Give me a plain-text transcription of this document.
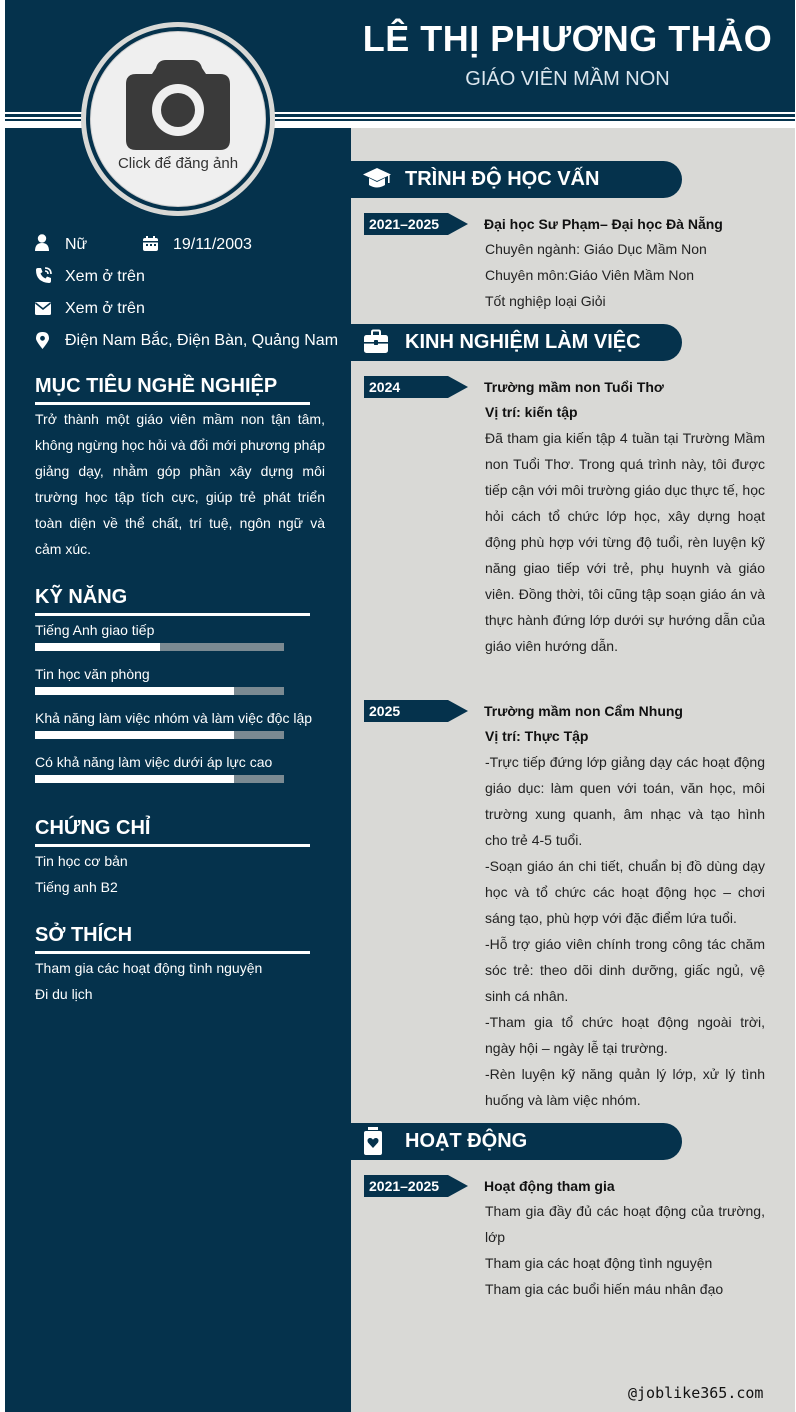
LÊ THỊ PHƯƠNG THẢO
GIÁO VIÊN MẦM NON
Click để đăng ảnh
Nữ	19/11/2003
Xem ở trên
Xem ở trên
Điện Nam Bắc, Điện Bàn, Quảng Nam
MỤC TIÊU NGHỀ NGHIỆP
Trở thành một giáo viên mầm non tận tâm, không ngừng học hỏi và đổi mới phương pháp giảng dạy, nhằm góp phần xây dựng môi trường học tập tích cực, giúp trẻ phát triển toàn diện về thể chất, trí tuệ, ngôn ngữ và cảm xúc.
KỸ NĂNG
Tiếng Anh giao tiếp
Tin học văn phòng
Khả năng làm việc nhóm và làm việc độc lập
Có khả năng làm việc dưới áp lực cao
CHỨNG CHỈ
Tin học cơ bản
Tiếng anh B2
SỞ THÍCH
Tham gia các hoạt động tình nguyện
Đi du lịch
TRÌNH ĐỘ HỌC VẤN
2021–2025	Đại học Sư Phạm– Đại học Đà Nẵng
Chuyên ngành: Giáo Dục Mầm Non
Chuyên môn:Giáo Viên Mầm Non
Tốt nghiệp loại Giỏi
KINH NGHIỆM LÀM VIỆC
2024	Trường mầm non Tuổi Thơ
Vị trí: kiến tập
Đã tham gia kiến tập 4 tuần tại Trường Mầm non Tuổi Thơ. Trong quá trình này, tôi được tiếp cận với môi trường giáo dục thực tế, học hỏi cách tổ chức lớp học, xây dựng hoạt động phù hợp với từng độ tuổi, rèn luyện kỹ năng giao tiếp với trẻ, phụ huynh và giáo viên. Đồng thời, tôi cũng tập soạn giáo án và thực hành đứng lớp dưới sự hướng dẫn của giáo viên hướng dẫn.
2025	Trường mầm non Cẩm Nhung
Vị trí: Thực Tập
-Trực tiếp đứng lớp giảng dạy các hoạt động giáo dục: làm quen với toán, văn học, môi trường xung quanh, âm nhạc và tạo hình cho trẻ 4-5 tuổi.
-Soạn giáo án chi tiết, chuẩn bị đồ dùng dạy học và tổ chức các hoạt động học – chơi sáng tạo, phù hợp với đặc điểm lứa tuổi.
-Hỗ trợ giáo viên chính trong công tác chăm sóc trẻ: theo dõi dinh dưỡng, giấc ngủ, vệ sinh cá nhân.
-Tham gia tổ chức hoạt động ngoài trời, ngày hội – ngày lễ tại trường.
-Rèn luyện kỹ năng quản lý lớp, xử lý tình huống và làm việc nhóm.
HOẠT ĐỘNG
2021–2025	Hoạt động tham gia
Tham gia đầy đủ các hoạt động của trường, lớp
Tham gia các hoạt động tình nguyện
Tham gia các buổi hiến máu nhân đạo
@joblike365.com
